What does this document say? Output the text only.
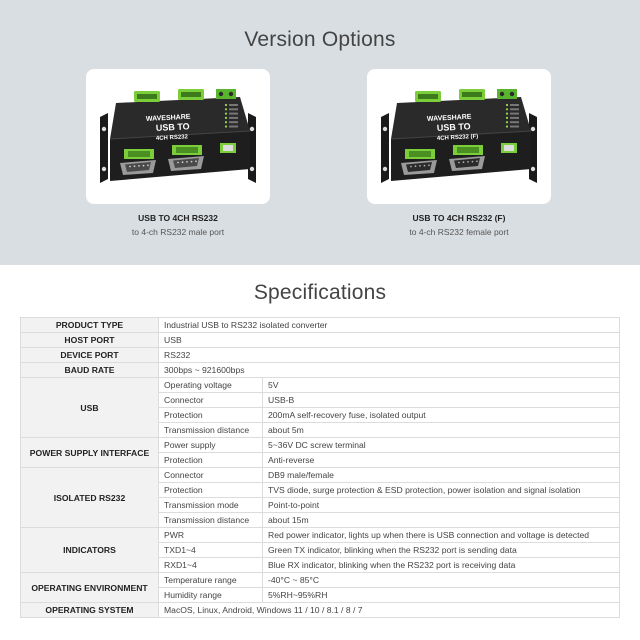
Version Options
WAVESHARE
USB TO
4CH RS232
WAVESHARE
USB TO
4CH RS232 (F)
USB TO 4CH RS232
to 4-ch RS232 male port
USB TO 4CH RS232 (F)
to 4-ch RS232 female port
Specifications
PRODUCT TYPE	Industrial USB to RS232 isolated converter	
HOST PORT	USB	
DEVICE PORT	RS232	
BAUD RATE	300bps ~ 921600bps	
USB	Operating voltage	5V
	Connector	USB-B
	Protection	200mA self-recovery fuse, isolated output
	Transmission distance	about 5m
POWER SUPPLY INTERFACE	Power supply	5~36V DC screw terminal
	Protection	Anti-reverse
ISOLATED RS232	Connector	DB9 male/female
	Protection	TVS diode, surge protection & ESD protection, power isolation and signal isolation
	Transmission mode	Point-to-point
	Transmission distance	about 15m
INDICATORS	PWR	Red power indicator, lights up when there is USB connection and voltage is detected
	TXD1~4	Green TX indicator, blinking when the RS232 port is sending data
	RXD1~4	Blue RX indicator, blinking when the RS232 port is receiving data
OPERATING ENVIRONMENT	Temperature range	-40°C ~ 85°C
	Humidity range	5%RH~95%RH
OPERATING SYSTEM	MacOS, Linux, Android, Windows 11 / 10 / 8.1 / 8 / 7	
